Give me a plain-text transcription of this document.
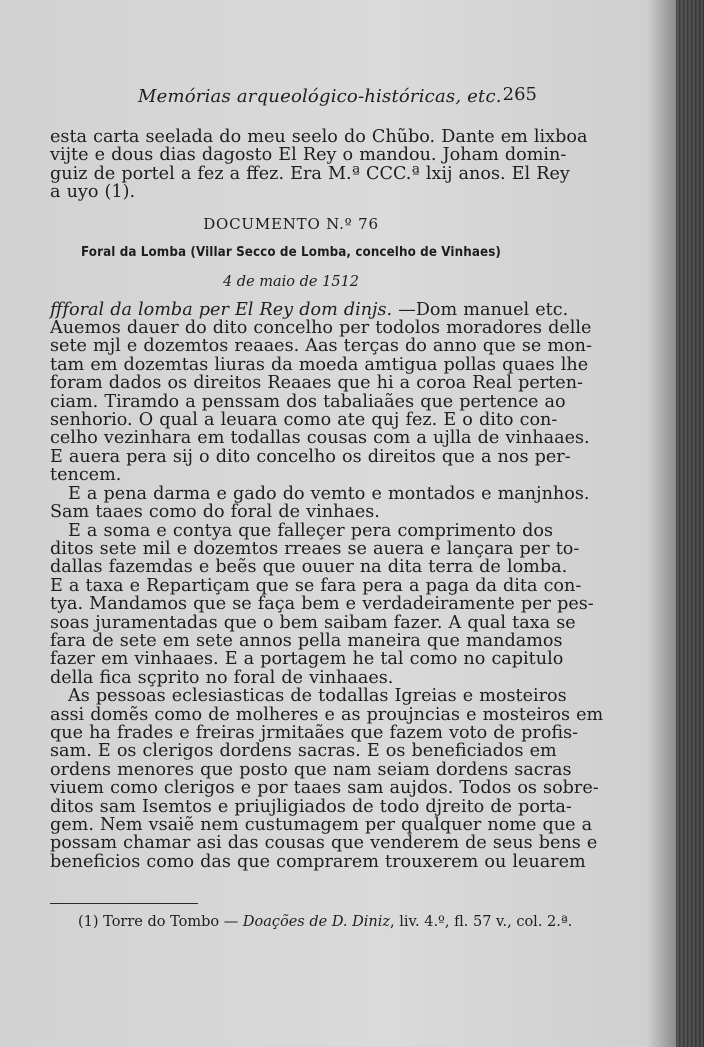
Memórias arqueológico-históricas, etc. 265
esta carta seelada do meu seelo do Chũbo. Dante em lixboa
vijte e dous dias dagosto El Rey o mandou. Joham domin-
guiz de portel a fez a ffez. Era M.ª CCC.ª lxij anos. El Rey
a uyo (1).
DOCUMENTO N.º 76
Foral da Lomba (Villar Secco de Lomba, concelho de Vinhaes)
4 de maio de 1512
ffforal da lomba per El Rey dom dinjs. —Dom manuel etc.
Auemos dauer do dito concelho per todolos moradores delle
sete mjl e dozemtos reaaes. Aas terças do anno que se mon-
tam em dozemtas liuras da moeda amtigua pollas quaes lhe
foram dados os direitos Reaaes que hi a coroa Real perten-
ciam. Tiramdo a penssam dos tabaliaães que pertence ao
senhorio. O qual a leuara como ate quj fez. E o dito con-
celho vezinhara em todallas cousas com a ujlla de vinhaaes.
E auera pera sij o dito concelho os direitos que a nos per-
tencem.
E a pena darma e gado do vemto e montados e manjnhos.
Sam taaes como do foral de vinhaes.
E a soma e contya que falleçer pera comprimento dos
ditos sete mil e dozemtos rreaes se auera e lançara per to-
dallas fazemdas e beẽs que ouuer na dita terra de lomba.
E a taxa e Repartiçam que se fara pera a paga da dita con-
tya. Mandamos que se faça bem e verdadeiramente per pes-
soas juramentadas que o bem saibam fazer. A qual taxa se
fara de sete em sete annos pella maneira que mandamos
fazer em vinhaaes. E a portagem he tal como no capitulo
della fica sçprito no foral de vinhaaes.
As pessoas eclesiasticas de todallas Igreias e mosteiros
assi domẽs como de molheres e as proujncias e mosteiros em
que ha frades e freiras jrmitaães que fazem voto de profis-
sam. E os clerigos dordens sacras. E os beneficiados em
ordens menores que posto que nam seiam dordens sacras
viuem como clerigos e por taaes sam aujdos. Todos os sobre-
ditos sam Isemtos e priujligiados de todo djreito de porta-
gem. Nem vsaiẽ nem custumagem per qualquer nome que a
possam chamar asi das cousas que venderem de seus bens e
beneficios como das que comprarem trouxerem ou leuarem
(1) Torre do Tombo — Doações de D. Diniz, liv. 4.º, fl. 57 v., col. 2.ª.
